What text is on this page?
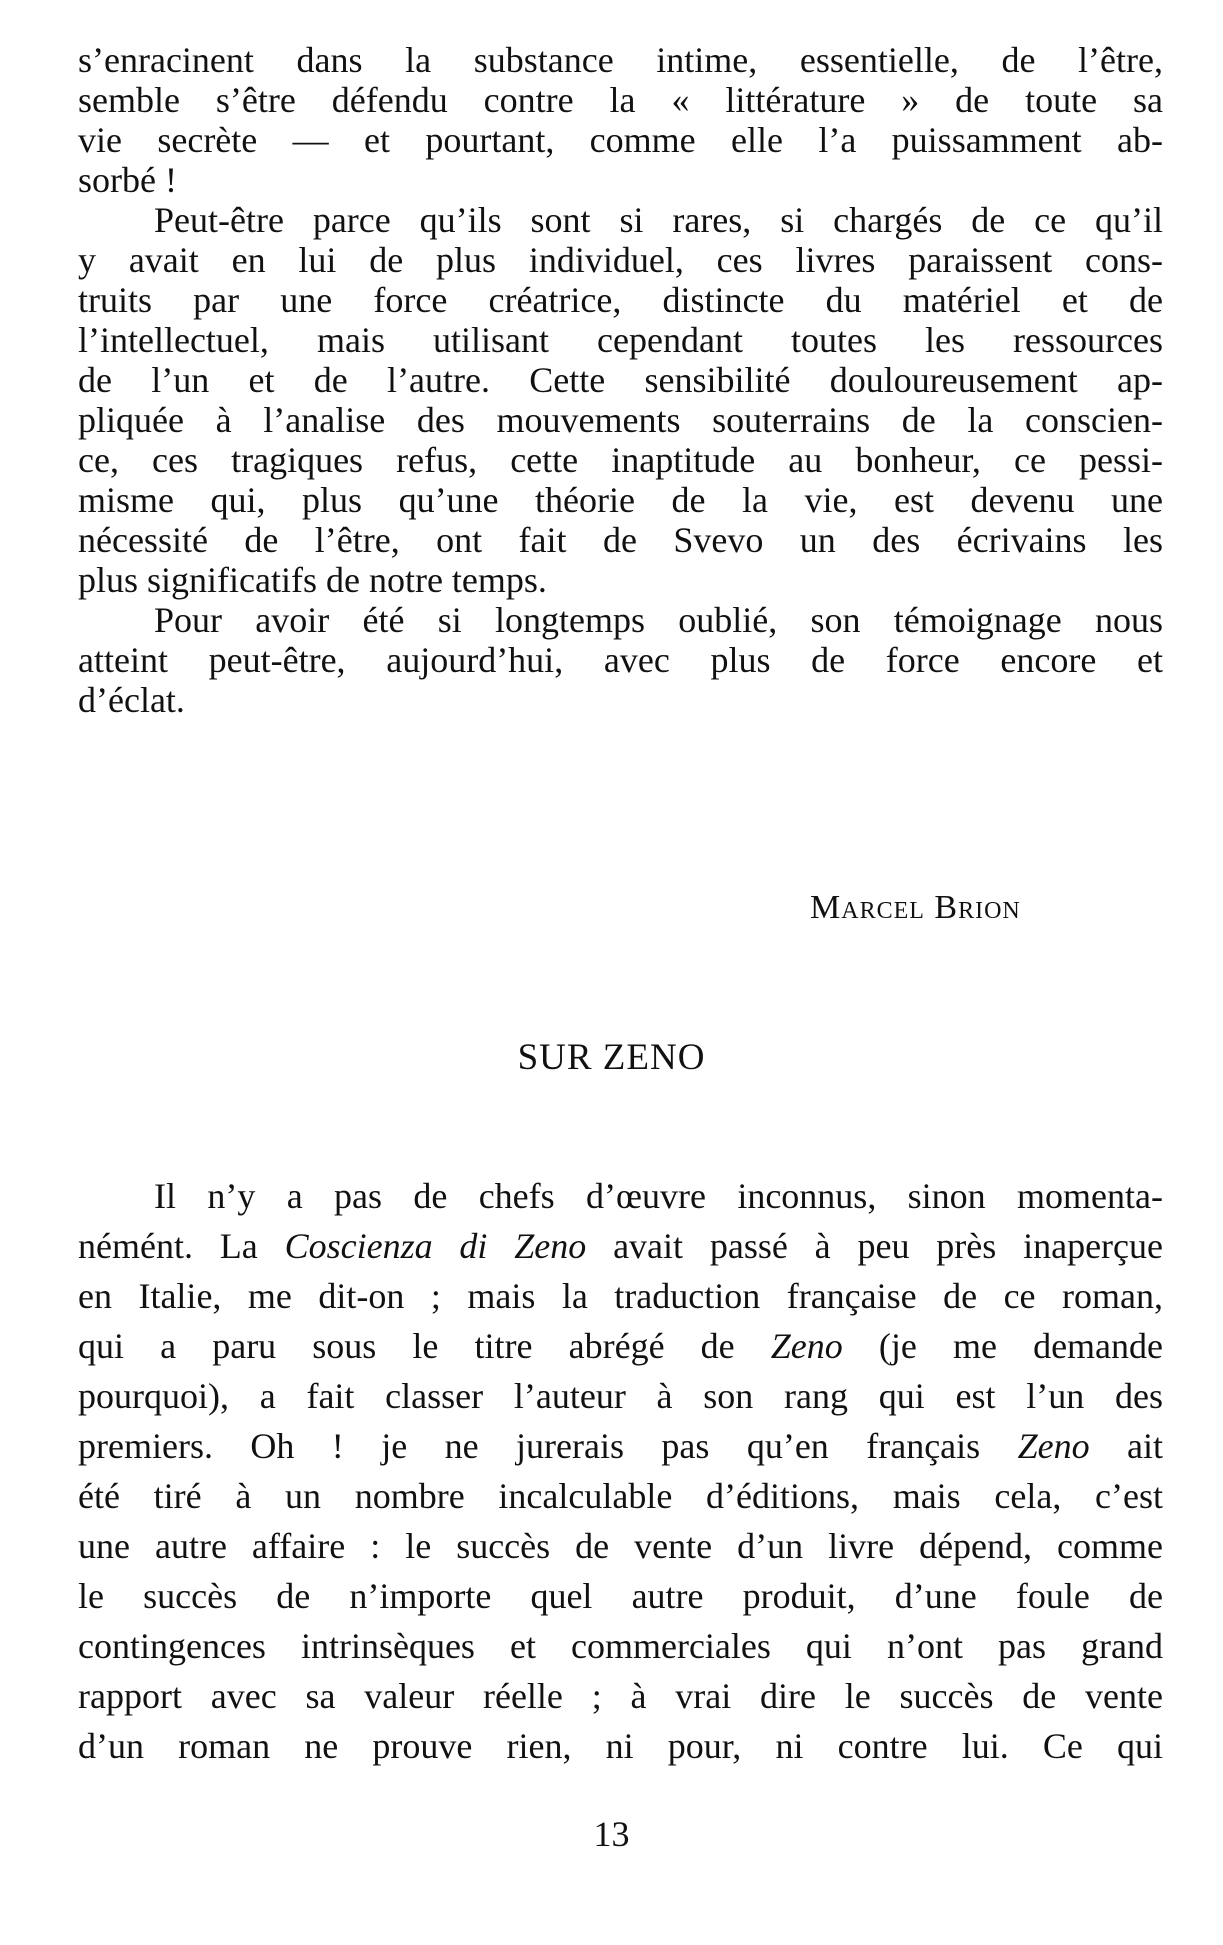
s’enracinent dans la substance intime, essentielle, de l’être,
semble s’être défendu contre la « littérature » de toute sa
vie secrète — et pourtant, comme elle l’a puissamment ab-
sorbé !
Peut-être parce qu’ils sont si rares, si chargés de ce qu’il
y avait en lui de plus individuel, ces livres paraissent cons-
truits par une force créatrice, distincte du matériel et de
l’intellectuel, mais utilisant cependant toutes les ressources
de l’un et de l’autre. Cette sensibilité douloureusement ap-
pliquée à l’analise des mouvements souterrains de la conscien-
ce, ces tragiques refus, cette inaptitude au bonheur, ce pessi-
misme qui, plus qu’une théorie de la vie, est devenu une
nécessité de l’être, ont fait de Svevo un des écrivains les
plus significatifs de notre temps.
Pour avoir été si longtemps oublié, son témoignage nous
atteint peut-être, aujourd’hui, avec plus de force encore et
d’éclat.
Marcel Brion
SUR ZENO
Il n’y a pas de chefs d’œuvre inconnus, sinon momenta-
némént. La Coscienza di Zeno avait passé à peu près inaperçue
en Italie, me dit-on ; mais la traduction française de ce roman,
qui a paru sous le titre abrégé de Zeno (je me demande
pourquoi), a fait classer l’auteur à son rang qui est l’un des
premiers. Oh ! je ne jurerais pas qu’en français Zeno ait
été tiré à un nombre incalculable d’éditions, mais cela, c’est
une autre affaire : le succès de vente d’un livre dépend, comme
le succès de n’importe quel autre produit, d’une foule de
contingences intrinsèques et commerciales qui n’ont pas grand
rapport avec sa valeur réelle ; à vrai dire le succès de vente
d’un roman ne prouve rien, ni pour, ni contre lui. Ce qui
13
